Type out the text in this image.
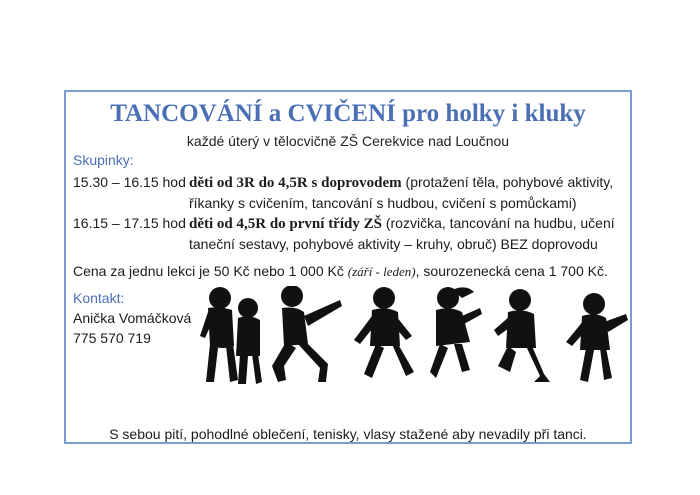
TANCOVÁNÍ a CVIČENÍ pro holky i kluky
každé úterý v tělocvičně ZŠ Cerekvice nad Loučnou
Skupinky:
15.30 – 16.15 hod děti od 3R do 4,5R s doprovodem (protažení těla, pohybové aktivity, říkanky s cvičením, tancování s hudbou, cvičení s pomůckami)
16.15 – 17.15 hod děti od 4,5R do první třídy ZŠ (rozvička, tancování na hudbu, učení taneční sestavy, pohybové aktivity – kruhy, obruč) BEZ doprovodu
Cena za jednu lekci je 50 Kč nebo 1 000 Kč (září - leden), sourozenecká cena 1 700 Kč.
Kontakt:
Anička Vomáčková
775 570 719
S sebou pití, pohodlné oblečení, tenisky, vlasy stažené aby nevadily při tanci.
